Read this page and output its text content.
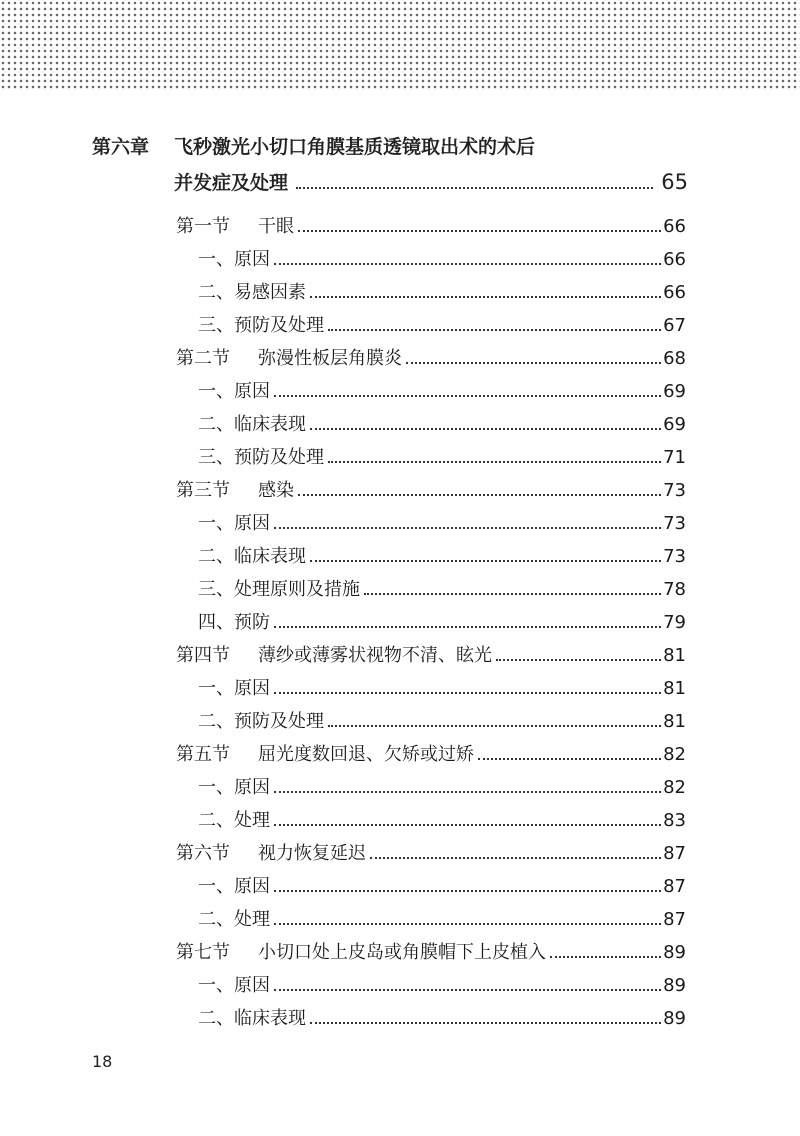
第六章	飞秒激光小切口角膜基质透镜取出术的术后
并发症及处理	65
第一节	干眼	66
一、原因	66
二、易感因素	66
三、预防及处理	67
第二节	弥漫性板层角膜炎	68
一、原因	69
二、临床表现	69
三、预防及处理	71
第三节	感染	73
一、原因	73
二、临床表现	73
三、处理原则及措施	78
四、预防	79
第四节	薄纱或薄雾状视物不清、眩光	81
一、原因	81
二、预防及处理	81
第五节	屈光度数回退、欠矫或过矫	82
一、原因	82
二、处理	83
第六节	视力恢复延迟	87
一、原因	87
二、处理	87
第七节	小切口处上皮岛或角膜帽下上皮植入	89
一、原因	89
二、临床表现	89
18
